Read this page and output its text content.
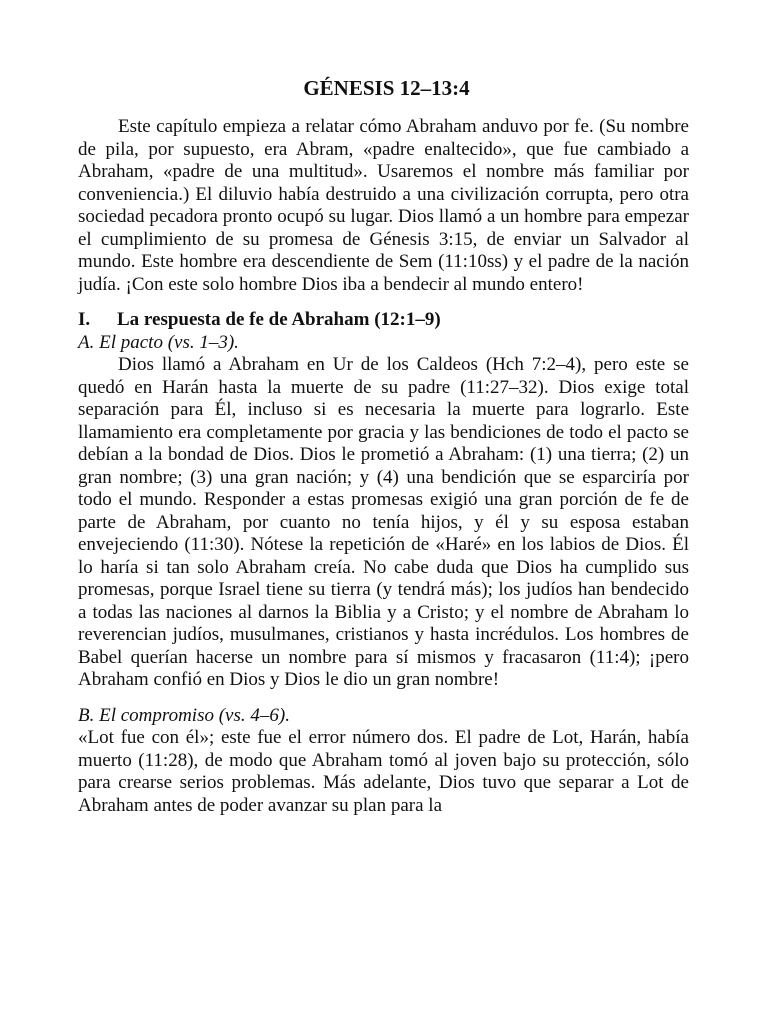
GÉNESIS 12–13:4

Este capítulo empieza a relatar cómo Abraham anduvo por fe. (Su nombre de pila, por supuesto, era Abram, «padre enaltecido», que fue cambiado a Abraham, «padre de una multitud». Usaremos el nombre más familiar por conveniencia.) El diluvio había destruido a una civilización corrupta, pero otra sociedad pecadora pronto ocupó su lugar. Dios llamó a un hombre para empezar el cumplimiento de su promesa de Génesis 3:15, de enviar un Salvador al mundo. Este hombre era descendiente de Sem (11:10ss) y el padre de la nación judía. ¡Con este solo hombre Dios iba a bendecir al mundo entero!

I.	La respuesta de fe de Abraham (12:1–9)
A. El pacto (vs. 1–3).

Dios llamó a Abraham en Ur de los Caldeos (Hch 7:2–4), pero este se quedó en Harán hasta la muerte de su padre (11:27–32). Dios exige total separación para Él, incluso si es necesaria la muerte para lograrlo. Este llamamiento era completamente por gracia y las bendiciones de todo el pacto se debían a la bondad de Dios. Dios le prometió a Abraham: (1) una tierra; (2) un gran nombre; (3) una gran nación; y (4) una bendición que se esparciría por todo el mundo. Responder a estas promesas exigió una gran porción de fe de parte de Abraham, por cuanto no tenía hijos, y él y su esposa estaban envejeciendo (11:30). Nótese la repetición de «Haré» en los labios de Dios. Él lo haría si tan solo Abraham creía. No cabe duda que Dios ha cumplido sus promesas, porque Israel tiene su tierra (y tendrá más); los judíos han bendecido a todas las naciones al darnos la Biblia y a Cristo; y el nombre de Abraham lo reverencian judíos, musulmanes, cristianos y hasta incrédulos. Los hombres de Babel querían hacerse un nombre para sí mismos y fracasaron (11:4); ¡pero Abraham confió en Dios y Dios le dio un gran nombre!

B. El compromiso (vs. 4–6).

«Lot fue con él»; este fue el error número dos. El padre de Lot, Harán, había muerto (11:28), de modo que Abraham tomó al joven bajo su protección, sólo para crearse serios problemas. Más adelante, Dios tuvo que separar a Lot de Abraham antes de poder avanzar su plan para la
